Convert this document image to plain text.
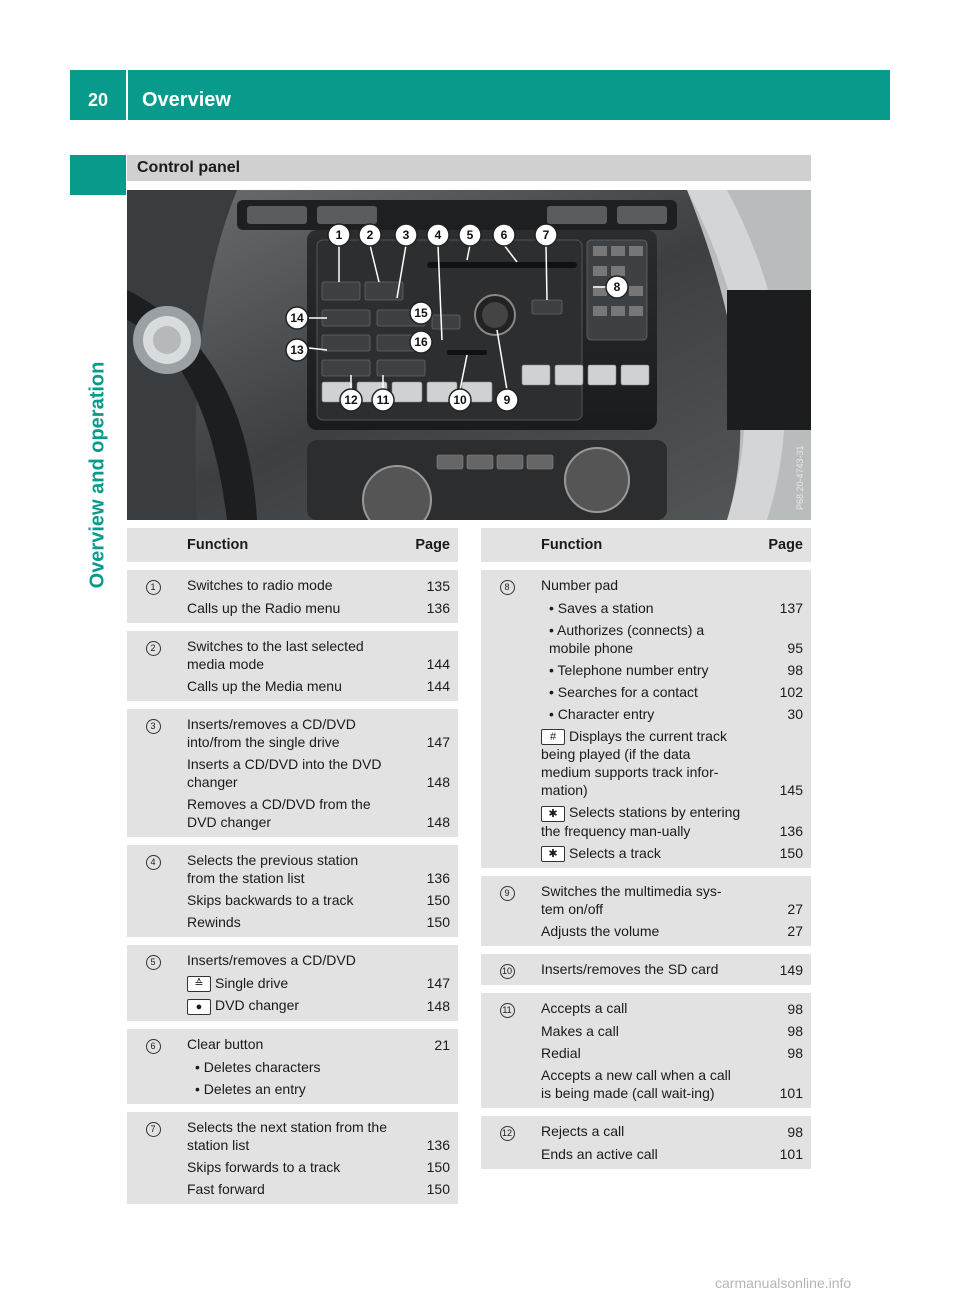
20	Overview
Overview and operation
Control panel
1 2 3 4 5 6	7
8
9
10
11
12
13
14	15
16
P68.20-4743-31
	Function	Page

1	Switches to radio mode	135

	Calls up the Radio menu	136

2	Switches to the last selected media mode	144

	Calls up the Media menu	144

3	Inserts/removes a CD/DVD into/from the single drive	147

	Inserts a CD/DVD into the DVD changer	148

	Removes a CD/DVD from the DVD changer	148

4	Selects the previous station from the station list	136

	Skips backwards to a track	150

	Rewinds	150

5	Inserts/removes a CD/DVD	

	≙ Single drive	147

	● DVD changer	148

6	Clear button	21

	• Deletes characters	

	• Deletes an entry	

7	Selects the next station from the station list	136

	Skips forwards to a track	150

	Fast forward	150

	Function	Page

8	Number pad	

	• Saves a station	137

	• Authorizes (connects) a mobile phone	95

	• Telephone number entry	98

	• Searches for a contact	102

	• Character entry	30

	# Displays the current track being played (if the data medium supports track infor-mation)	145

	✱ Selects stations by entering the frequency man-ually	136

	✱ Selects a track	150

9	Switches the multimedia sys-tem on/off	27

	Adjusts the volume	27

10	Inserts/removes the SD card	149

11	Accepts a call	98

	Makes a call	98

	Redial	98

	Accepts a new call when a call is being made (call wait-ing)	101

12	Rejects a call	98

	Ends an active call	101

carmanualsonline.info
